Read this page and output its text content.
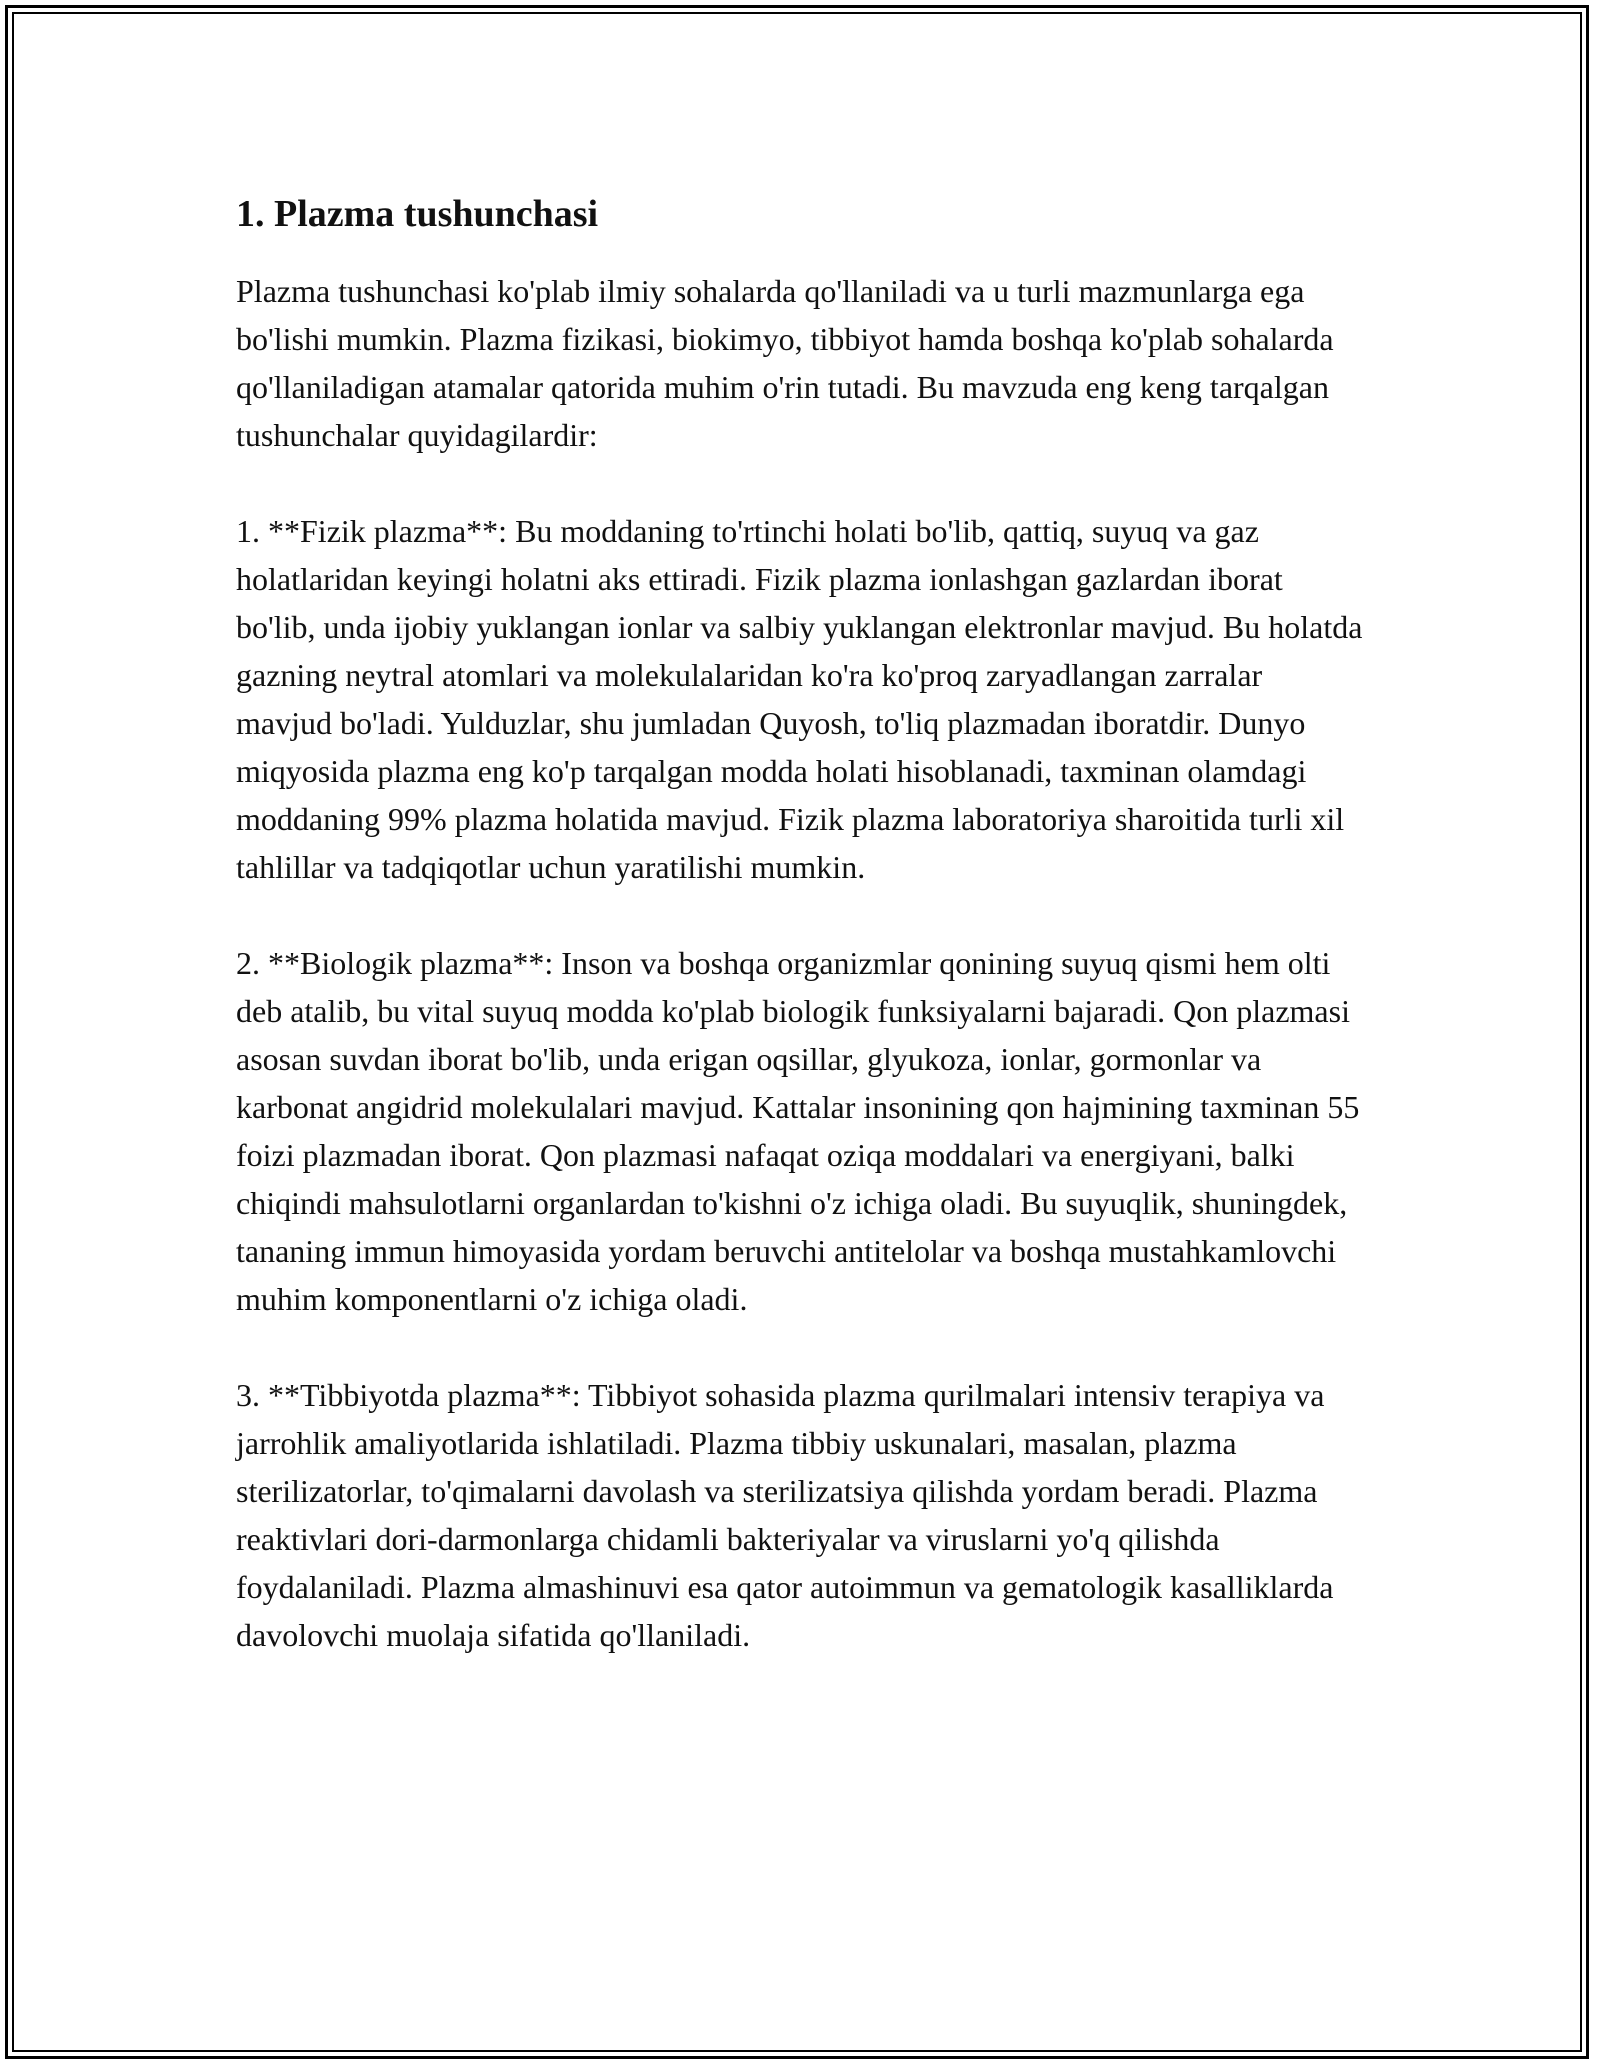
1. Plazma tushunchasi

Plazma tushunchasi ko'plab ilmiy sohalarda qo'llaniladi va u turli mazmunlarga ega bo'lishi mumkin. Plazma fizikasi, biokimyo, tibbiyot hamda boshqa ko'plab sohalarda qo'llaniladigan atamalar qatorida muhim o'rin tutadi. Bu mavzuda eng keng tarqalgan tushunchalar quyidagilardir:

1. **Fizik plazma**: Bu moddaning to'rtinchi holati bo'lib, qattiq, suyuq va gaz holatlaridan keyingi holatni aks ettiradi. Fizik plazma ionlashgan gazlardan iborat bo'lib, unda ijobiy yuklangan ionlar va salbiy yuklangan elektronlar mavjud. Bu holatda gazning neytral atomlari va molekulalaridan ko'ra ko'proq zaryadlangan zarralar mavjud bo'ladi. Yulduzlar, shu jumladan Quyosh, to'liq plazmadan iboratdir. Dunyo miqyosida plazma eng ko'p tarqalgan modda holati hisoblanadi, taxminan olamdagi moddaning 99% plazma holatida mavjud. Fizik plazma laboratoriya sharoitida turli xil tahlillar va tadqiqotlar uchun yaratilishi mumkin.

2. **Biologik plazma**: Inson va boshqa organizmlar qonining suyuq qismi hem olti deb atalib, bu vital suyuq modda ko'plab biologik funksiyalarni bajaradi. Qon plazmasi asosan suvdan iborat bo'lib, unda erigan oqsillar, glyukoza, ionlar, gormonlar va karbonat angidrid molekulalari mavjud. Kattalar insonining qon hajmining taxminan 55 foizi plazmadan iborat. Qon plazmasi nafaqat oziqa moddalari va energiyani, balki chiqindi mahsulotlarni organlardan to'kishni o'z ichiga oladi. Bu suyuqlik, shuningdek, tananing immun himoyasida yordam beruvchi antitelolar va boshqa mustahkamlovchi muhim komponentlarni o'z ichiga oladi.

3. **Tibbiyotda plazma**: Tibbiyot sohasida plazma qurilmalari intensiv terapiya va jarrohlik amaliyotlarida ishlatiladi. Plazma tibbiy uskunalari, masalan, plazma sterilizatorlar, to'qimalarni davolash va sterilizatsiya qilishda yordam beradi. Plazma reaktivlari dori-darmonlarga chidamli bakteriyalar va viruslarni yo'q qilishda foydalaniladi. Plazma almashinuvi esa qator autoimmun va gematologik kasalliklarda davolovchi muolaja sifatida qo'llaniladi.
